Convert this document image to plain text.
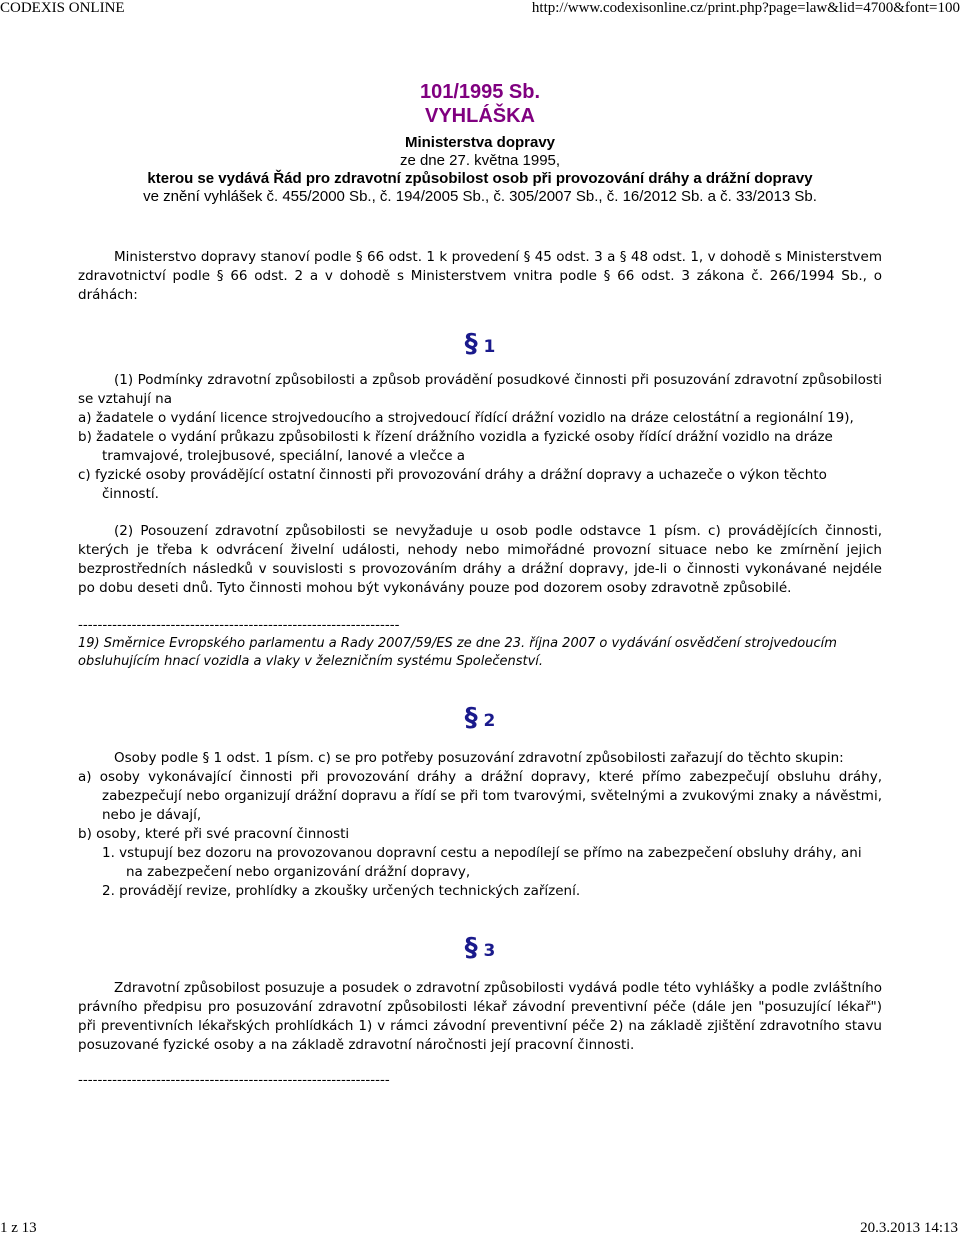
CODEXIS ONLINE	http://www.codexisonline.cz/print.php?page=law&lid=4700&font=100
101/1995 Sb.
VYHLÁŠKA
Ministerstva dopravy
ze dne 27. května 1995,
kterou se vydává Řád pro zdravotní způsobilost osob při provozování dráhy a drážní dopravy
ve znění vyhlášek č. 455/2000 Sb., č. 194/2005 Sb., č. 305/2007 Sb., č. 16/2012 Sb. a č. 33/2013 Sb.

Ministerstvo dopravy stanoví podle § 66 odst. 1 k provedení § 45 odst. 3 a § 48 odst. 1, v dohodě s Ministerstvem zdravotnictví podle § 66 odst. 2 a v dohodě s Ministerstvem vnitra podle § 66 odst. 3 zákona č. 266/1994 Sb., o dráhách:

§ 1

(1) Podmínky zdravotní způsobilosti a způsob provádění posudkové činnosti při posuzování zdravotní způsobilosti se vztahují na

a) žadatele o vydání licence strojvedoucího a strojvedoucí řídící drážní vozidlo na dráze celostátní a regionální 19),

b) žadatele o vydání průkazu způsobilosti k řízení drážního vozidla a fyzické osoby řídící drážní vozidlo na dráze tramvajové, trolejbusové, speciální, lanové a vlečce a

c) fyzické osoby provádějící ostatní činnosti při provozování dráhy a drážní dopravy a uchazeče o výkon těchto činností.

(2) Posouzení zdravotní způsobilosti se nevyžaduje u osob podle odstavce 1 písm. c) provádějících činnosti, kterých je třeba k odvrácení živelní události, nehody nebo mimořádné provozní situace nebo ke zmírnění jejich bezprostředních následků v souvislosti s provozováním dráhy a drážní dopravy, jde-li o činnosti vykonávané nejdéle po dobu deseti dnů. Tyto činnosti mohou být vykonávány pouze pod dozorem osoby zdravotně způsobilé.

------------------------------------------------------------------

19) Směrnice Evropského parlamentu a Rady 2007/59/ES ze dne 23. října 2007 o vydávání osvědčení strojvedoucím obsluhujícím hnací vozidla a vlaky v železničním systému Společenství.

§ 2

Osoby podle § 1 odst. 1 písm. c) se pro potřeby posuzování zdravotní způsobilosti zařazují do těchto skupin:

a) osoby vykonávající činnosti při provozování dráhy a drážní dopravy, které přímo zabezpečují obsluhu dráhy, zabezpečují nebo organizují drážní dopravu a řídí se při tom tvarovými, světelnými a zvukovými znaky a návěstmi, nebo je dávají,

b) osoby, které při své pracovní činnosti

1. vstupují bez dozoru na provozovanou dopravní cestu a nepodílejí se přímo na zabezpečení obsluhy dráhy, ani na zabezpečení nebo organizování drážní dopravy,

2. provádějí revize, prohlídky a zkoušky určených technických zařízení.

§ 3

Zdravotní způsobilost posuzuje a posudek o zdravotní způsobilosti vydává podle této vyhlášky a podle zvláštního právního předpisu pro posuzování zdravotní způsobilosti lékař závodní preventivní péče (dále jen "posuzující lékař") při preventivních lékařských prohlídkách 1) v rámci závodní preventivní péče 2) na základě zjištění zdravotního stavu posuzované fyzické osoby a na základě zdravotní náročnosti její pracovní činnosti.

----------------------------------------------------------------

1 z 13	20.3.2013 14:13
